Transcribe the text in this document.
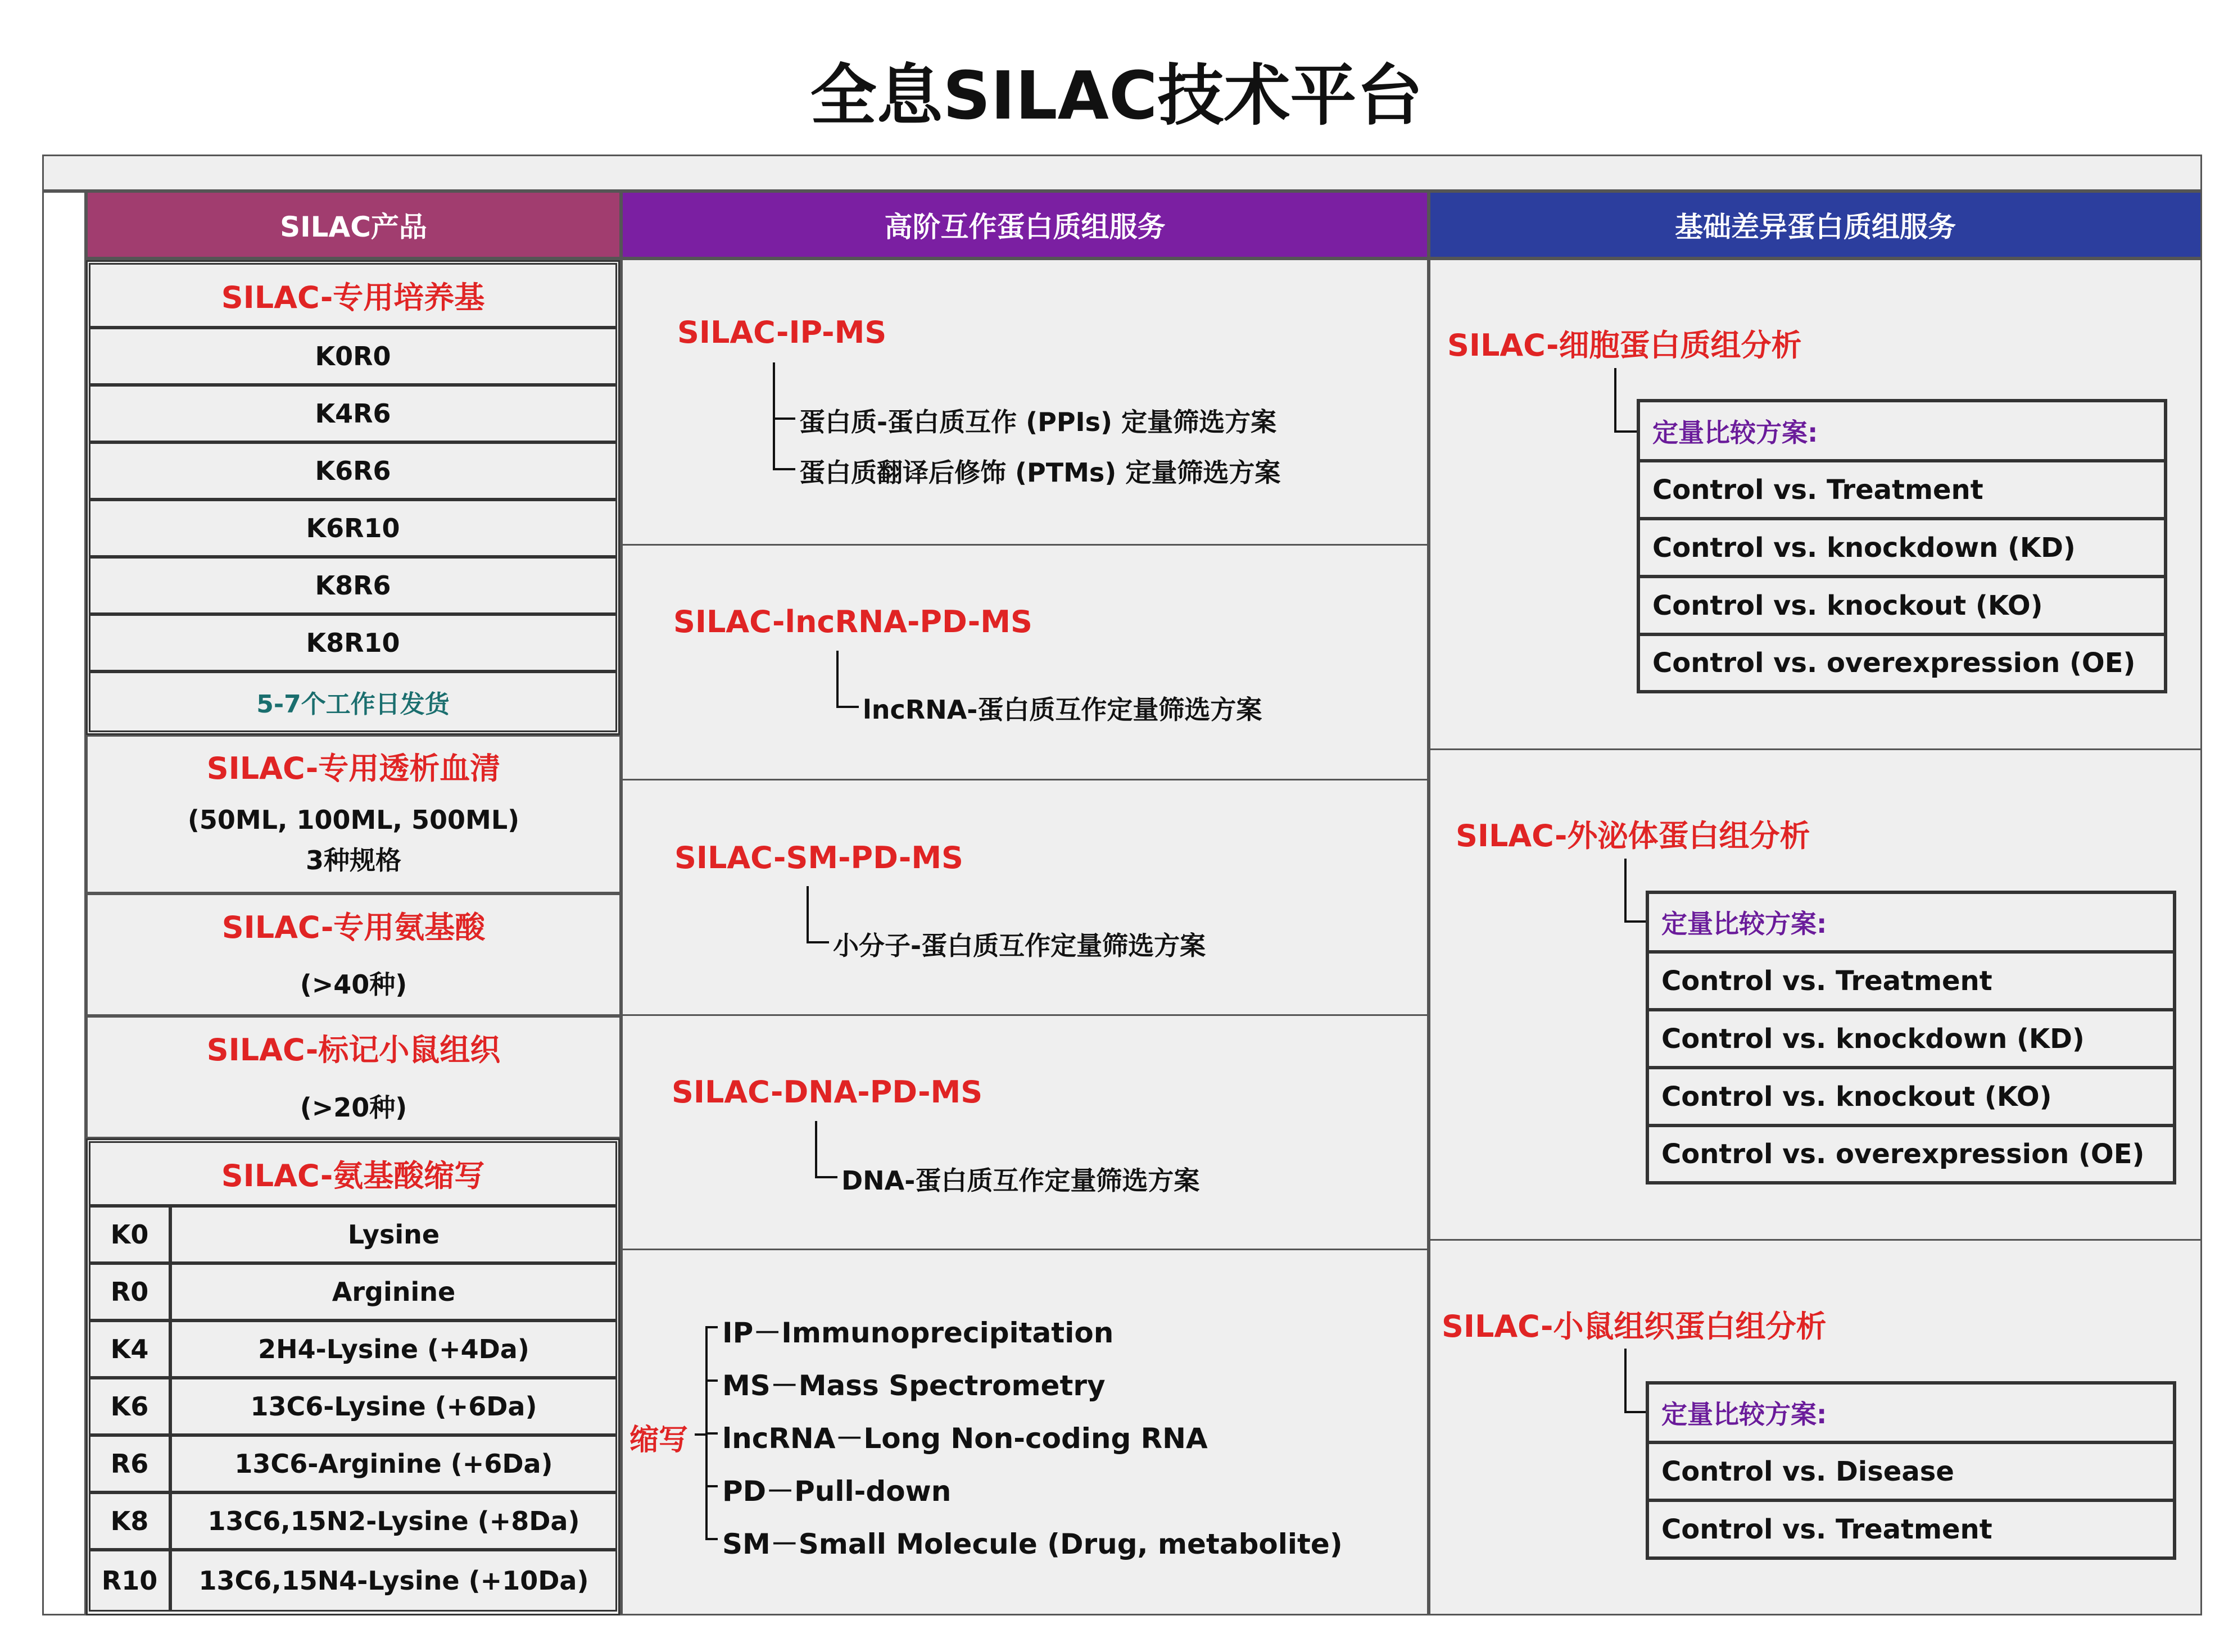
全息SILAC技术平台
SILAC产品	高阶互作蛋白质组服务	基础差异蛋白质组服务
SILAC-专用培养基
K0R0
K4R6
K6R6
K6R10
K8R6
K8R10
5-7个工作日发货
SILAC-专用透析血清
(50ML, 100ML, 500ML)
3种规格
SILAC-专用氨基酸
(>40种)
SILAC-标记小鼠组织
(>20种)
SILAC-氨基酸缩写
K0	Lysine
R0	Arginine
K4	2H4-Lysine (+4Da)
K6	13C6-Lysine (+6Da)
R6	13C6-Arginine (+6Da)
K8	13C6,15N2-Lysine (+8Da)
R10	13C6,15N4-Lysine (+10Da)
SILAC-IP-MS
蛋白质-蛋白质互作 (PPIs) 定量筛选方案
蛋白质翻译后修饰 (PTMs) 定量筛选方案
SILAC-lncRNA-PD-MS
lncRNA-蛋白质互作定量筛选方案
SILAC-SM-PD-MS
小分子-蛋白质互作定量筛选方案
SILAC-DNA-PD-MS
DNA-蛋白质互作定量筛选方案
缩写
IP－Immunoprecipitation
MS－Mass Spectrometry
lncRNA－Long Non-coding RNA
PD－Pull-down
SM－Small Molecule (Drug, metabolite)
SILAC-细胞蛋白质组分析
定量比较方案:
Control vs. Treatment
Control vs. knockdown (KD)
Control vs. knockout (KO)
Control vs. overexpression (OE)
SILAC-外泌体蛋白组分析
定量比较方案:
Control vs. Treatment
Control vs. knockdown (KD)
Control vs. knockout (KO)
Control vs. overexpression (OE)
SILAC-小鼠组织蛋白组分析
定量比较方案:
Control vs. Disease
Control vs. Treatment
